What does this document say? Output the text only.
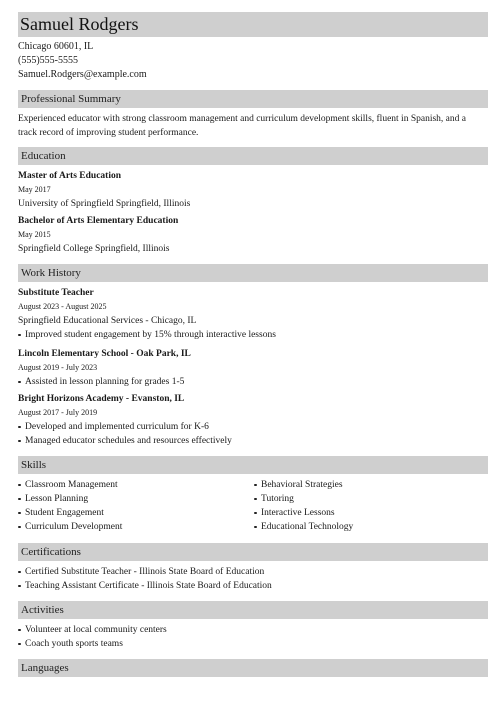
Samuel Rodgers
Chicago 60601, IL
(555)555-5555
Samuel.Rodgers@example.com
Professional Summary
Experienced educator with strong classroom management and curriculum development skills, fluent in Spanish, and a track record of improving student performance.
Education
Master of Arts Education
May 2017
University of Springfield Springfield, Illinois
Bachelor of Arts Elementary Education
May 2015
Springfield College Springfield, Illinois
Work History
Substitute Teacher
August 2023 - August 2025
Springfield Educational Services - Chicago, IL
Improved student engagement by 15% through interactive lessons
Lincoln Elementary School - Oak Park, IL
August 2019 - July 2023
Assisted in lesson planning for grades 1-5
Bright Horizons Academy - Evanston, IL
August 2017 - July 2019
Developed and implemented curriculum for K-6
Managed educator schedules and resources effectively
Skills
Classroom Management
Lesson Planning
Student Engagement
Curriculum Development
Behavioral Strategies
Tutoring
Interactive Lessons
Educational Technology
Certifications
Certified Substitute Teacher - Illinois State Board of Education
Teaching Assistant Certificate - Illinois State Board of Education
Activities
Volunteer at local community centers
Coach youth sports teams
Languages
